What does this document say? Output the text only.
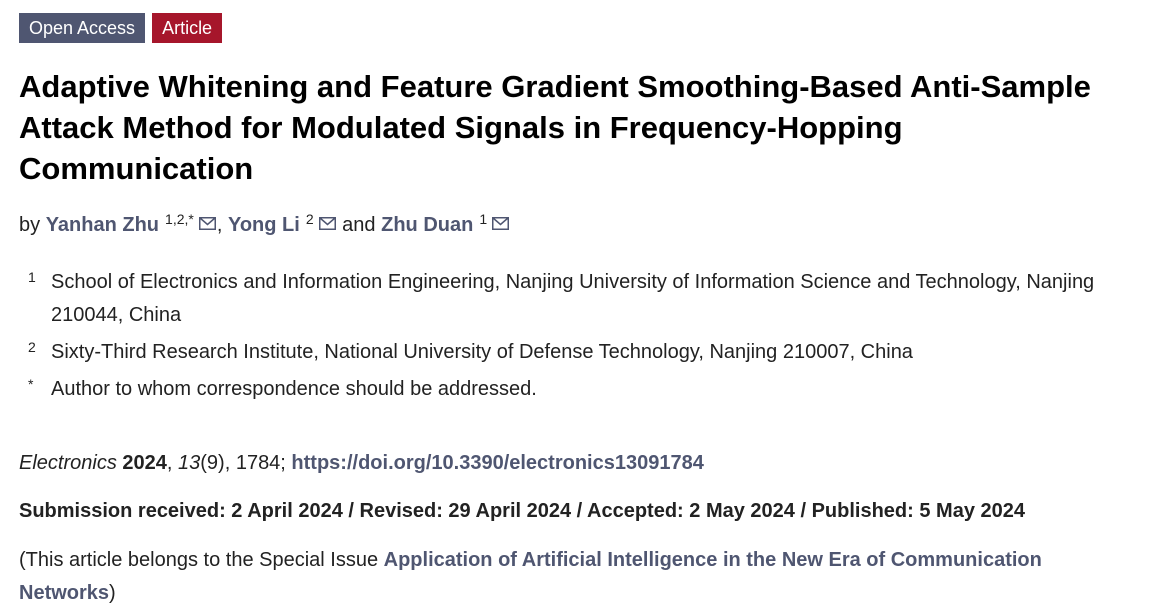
Open Access	Article
Adaptive Whitening and Feature Gradient Smoothing-Based Anti-Sample Attack Method for Modulated Signals in Frequency-Hopping Communication
by Yanhan Zhu $^{1,2,*}$ , Yong Li $^2$ and Zhu Duan $^1$
1 School of Electronics and Information Engineering, Nanjing University of Information Science and Technology, Nanjing 210044, China
2 Sixty-Third Research Institute, National University of Defense Technology, Nanjing 210007, China
* Author to whom correspondence should be addressed.
Electronics 2024, 13(9), 1784; https://doi.org/10.3390/electronics13091784
Submission received: 2 April 2024 / Revised: 29 April 2024 / Accepted: 2 May 2024 / Published: 5 May 2024

(This article belongs to the Special Issue Application of Artificial Intelligence in the New Era of Communication Networks)
